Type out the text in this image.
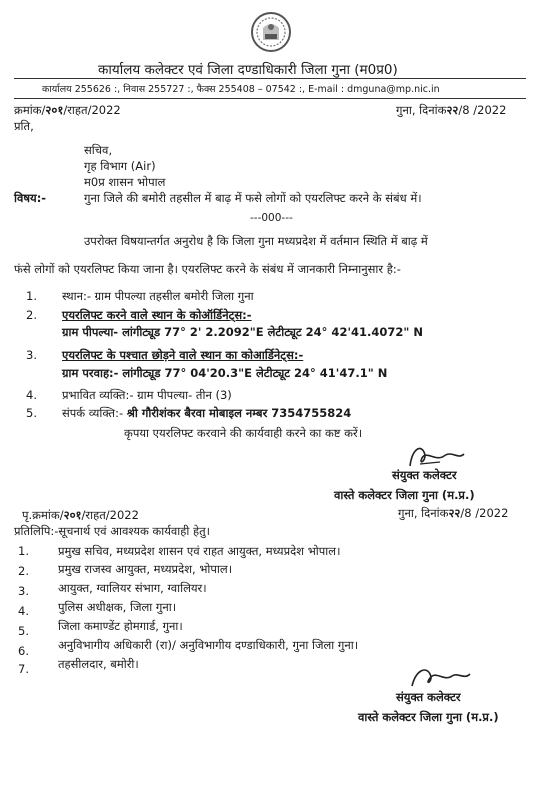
कार्यालय कलेक्टर एवं जिला दण्डाधिकारी जिला गुना (म0प्र0)
कार्यालय 255626 :, निवास 255727 :, फैक्स 255408 – 07542 :, E-mail : dmguna@mp.nic.in
क्रमांक/२०१/राहत/2022	गुना, दिनांक२२/8 /2022
प्रति,
सचिव,
गृह विभाग (Air)
म0प्र शासन भोपाल
विषय:-	गुना जिले की बमोरी तहसील में बाढ़ में फसे लोगों को एयरलिफ्ट करने के संबंध में।
---000---
उपरोक्त विषयान्तर्गत अनुरोध है कि जिला गुना मध्यप्रदेश में वर्तमान स्थिति में बाढ़ में
फंसे लोगों को एयरलिफ्ट किया जाना है। एयरलिफ्ट करने के संबंध में जानकारी निम्नानुसार है:-
1. स्थान:- ग्राम पीपल्या तहसील बमोरी जिला गुना
2. एयरलिफ्ट करने वाले स्थान के कोऑर्डिनेट्स:-
ग्राम पीपल्या- लांगीट्यूड 77° 2' 2.2092"E लेटीट्यूट 24° 42'41.4072" N
3. एयरलिफ्ट के पश्चात छोड़ने वाले स्थान का कोआर्डिनेट्स:-
ग्राम परवाह:- लांगीट्यूड 77° 04'20.3"E लेटीट्यूट 24° 41'47.1" N
4. प्रभावित व्यक्ति:- ग्राम पीपल्या- तीन (3)
5. संपर्क व्यक्ति:- श्री गौरीशंकर बैरवा मोबाइल नम्बर 7354755824
कृपया एयरलिफ्ट करवाने की कार्यवाही करने का कष्ट करें।
संयुक्त कलेक्टर
वास्ते कलेक्टर जिला गुना (म.प्र.)
पृ.क्रमांक/२०१/राहत/2022	गुना, दिनांक२२/8 /2022
प्रतिलिपि:-सूचनार्थ एवं आवश्यक कार्यवाही हेतु।
1.	प्रमुख सचिव, मध्यप्रदेश शासन एवं राहत आयुक्त, मध्यप्रदेश भोपाल।
2.	प्रमुख राजस्व आयुक्त, मध्यप्रदेश, भोपाल।
3.	आयुक्त, ग्वालियर संभाग, ग्वालियर।
4.	पुलिस अधीक्षक, जिला गुना।
5.	जिला कमाण्डेंट होमगार्ड, गुना।
6.	अनुविभागीय अधिकारी (रा)/ अनुविभागीय दण्डाधिकारी, गुना जिला गुना।
7.	तहसीलदार, बमोरी।
संयुक्त कलेक्टर
वास्ते कलेक्टर जिला गुना (म.प्र.)
